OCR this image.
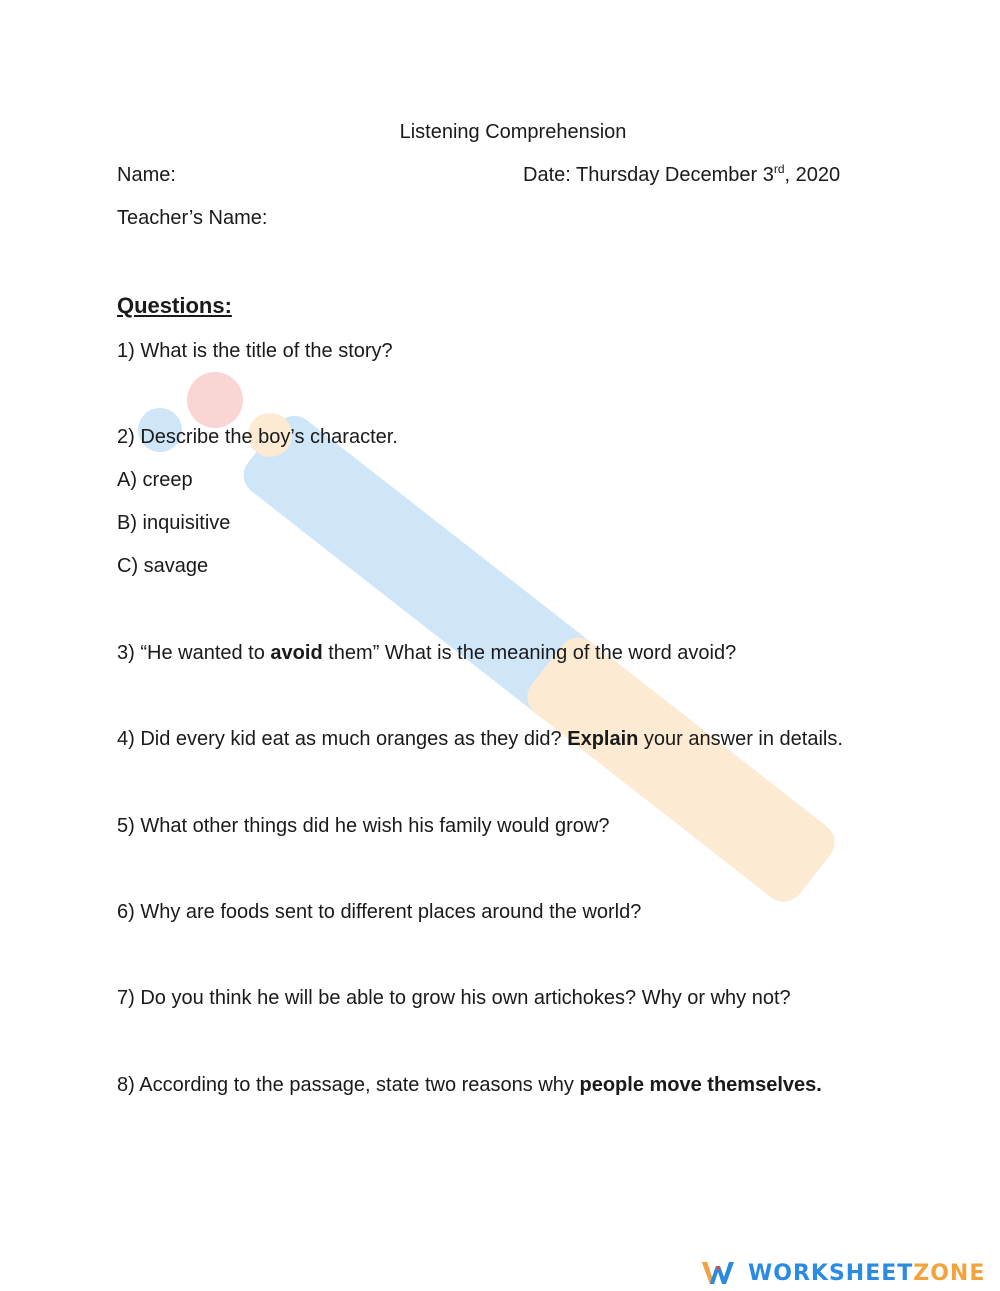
Listening Comprehension
Name:	Date: Thursday December 3rd, 2020
Teacher’s Name:
Questions:
1) What is the title of the story?
2) Describe the boy’s character.
A) creep
B) inquisitive
C) savage
3) “He wanted to avoid them” What is the meaning of the word avoid?
4) Did every kid eat as much oranges as they did? Explain your answer in details.
5) What other things did he wish his family would grow?
6) Why are foods sent to different places around the world?
7) Do you think he will be able to grow his own artichokes? Why or why not?
8) According to the passage, state two reasons why people move themselves.
WORKSHEETZONE
